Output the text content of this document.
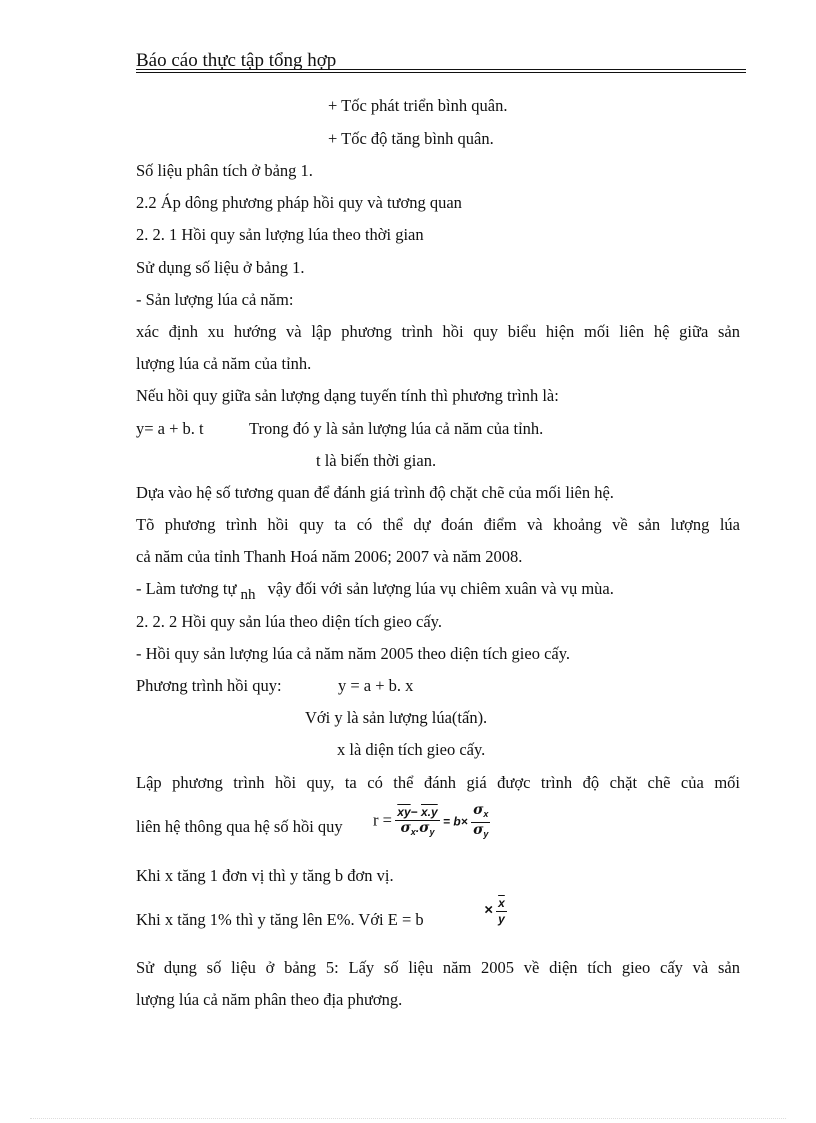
Báo cáo thực tập tổng hợp
+ Tốc phát triển bình quân.
+ Tốc độ tăng bình quân.
Số liệu phân tích ở bảng 1.
2.2 Áp dông phương pháp hồi quy và tương quan
2. 2. 1 Hồi quy sản lượng lúa theo thời gian
Sử dụng số liệu ở bảng 1.
- Sản lượng lúa cả năm:
xác định xu hướng và lập phương trình hồi quy biểu hiện mối liên hệ giữa sản
lượng lúa cả năm của tỉnh.
Nếu hồi quy giữa sản lượng dạng tuyến tính thì phương trình là:
y= a + b. t	Trong đó y là sản lượng lúa cả năm của tỉnh.
t là biến thời gian.
Dựa vào hệ số tương quan để đánh giá trình độ chặt chẽ của mối liên hệ.
Tõ phương trình hồi quy ta có thể dự đoán điểm và khoảng về sản lượng lúa
cả năm của tỉnh Thanh Hoá năm 2006; 2007 và năm 2008.
- Làm tương tự nh vậy đối với sản lượng lúa vụ chiêm xuân và vụ mùa.
2. 2. 2 Hồi quy sản lúa theo diện tích gieo cấy.
- Hồi quy sản lượng lúa cả năm năm 2005 theo diện tích gieo cấy.
Phương trình hồi quy:	y = a + b. x
Với y là sản lượng lúa(tấn).
x là diện tích gieo cấy.
Lập phương trình hồi quy, ta có thể đánh giá được trình độ chặt chẽ của mối
liên hệ thông qua hệ số hồi quy $r = \frac{\overline{xy}- x.y}{\sigma_x.\sigma_y} = b\times \frac{\sigma_x}{\sigma_y}$
Khi x tăng 1 đơn vị thì y tăng b đơn vị.
Khi x tăng 1% thì y tăng lên E%. Với E = b	× $\frac{\overline{x}}{y}$
Sử dụng số liệu ở bảng 5: Lấy số liệu năm 2005 về diện tích gieo cấy và sản
lượng lúa cả năm phân theo địa phương.
